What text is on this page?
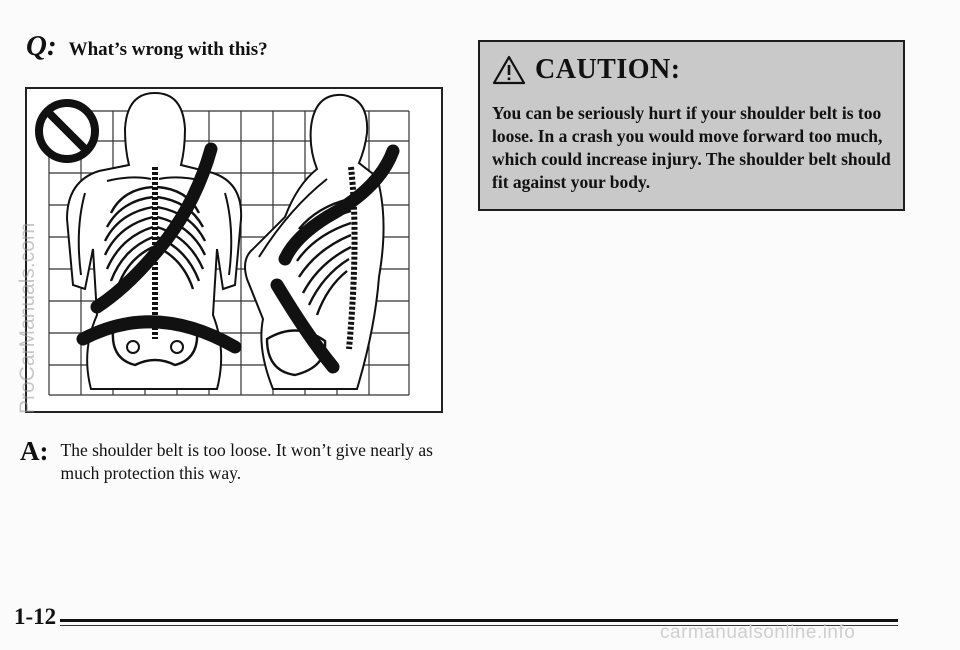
Q: What’s wrong with this?
A: The shoulder belt is too loose. It won’t give nearly as much protection this way.
CAUTION:
You can be seriously hurt if your shoulder belt is too loose. In a crash you would move forward too much, which could increase injury. The shoulder belt should fit against your body.
1-12
ProCarManuals.com
carmanualsonline.info
